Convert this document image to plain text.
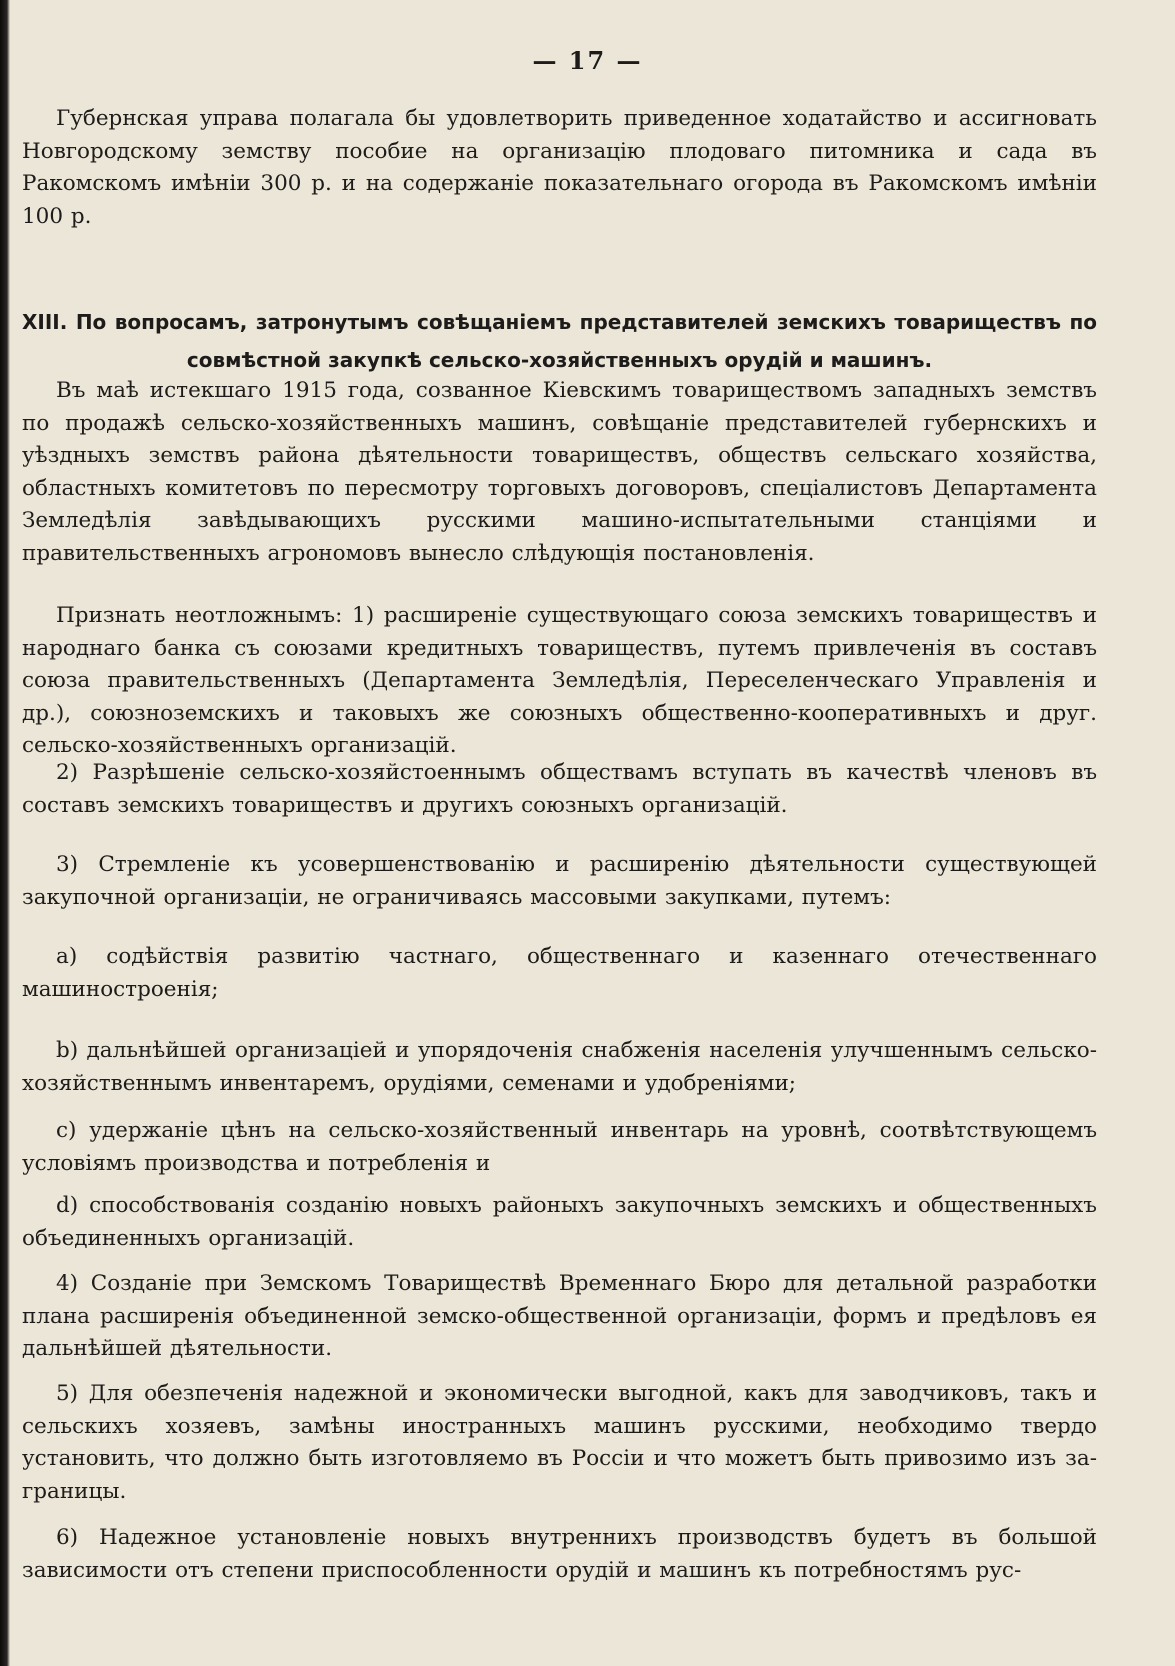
— 17 —

Губернская управа полагала бы удовлетворить приведенное ходатайство и ассигновать Новгородскому земству пособие на организацію плодоваго питомника и сада въ Ракомскомъ имѣніи 300 р. и на содержаніе показательнаго огорода въ Ракомскомъ имѣніи 100 р.

XIII. По вопросамъ, затронутымъ совѣщаніемъ представителей земскихъ товариществъ по совмѣстной закупкѣ сельско-хозяйственныхъ орудій и машинъ.

Въ маѣ истекшаго 1915 года, созванное Кіевскимъ товариществомъ западныхъ земствъ по продажѣ сельско-хозяйственныхъ машинъ, совѣщаніе представителей губернскихъ и уѣздныхъ земствъ района дѣятельности товариществъ, обществъ сельскаго хозяйства, областныхъ комитетовъ по пересмотру торговыхъ договоровъ, спеціалистовъ Департамента Земледѣлія завѣдывающихъ русскими машино-испытательными станціями и правительственныхъ агрономовъ вынесло слѣдующія постановленія.

Признать неотложнымъ: 1) расширеніе существующаго союза земскихъ товариществъ и народнаго банка съ союзами кредитныхъ товариществъ, путемъ привлеченія въ составъ союза правительственныхъ (Департамента Земледѣлія, Переселенческаго Управленія и др.), союзноземскихъ и таковыхъ же союзныхъ общественно-кооперативныхъ и друг. сельско-хозяйственныхъ организацій.

2) Разрѣшеніе сельско-хозяйстоеннымъ обществамъ вступать въ качествѣ членовъ въ составъ земскихъ товариществъ и другихъ союзныхъ организацій.

3) Стремленіе къ усовершенствованію и расширенію дѣятельности существующей закупочной организаціи, не ограничиваясь массовыми закупками, путемъ:

a) содѣйствія развитію частнаго, общественнаго и казеннаго отечественнаго машиностроенія;

b) дальнѣйшей организаціей и упорядоченія снабженія населенія улучшеннымъ сельско-хозяйственнымъ инвентаремъ, орудіями, семенами и удобреніями;

c) удержаніе цѣнъ на сельско-хозяйственный инвентарь на уровнѣ, соотвѣтствующемъ условіямъ производства и потребленія и

d) способствованія созданію новыхъ районыхъ закупочныхъ земскихъ и общественныхъ объединенныхъ организацій.

4) Созданіе при Земскомъ Товариществѣ Временнаго Бюро для детальной разработки плана расширенія объединенной земско-общественной организаціи, формъ и предѣловъ ея дальнѣйшей дѣятельности.

5) Для обезпеченія надежной и экономически выгодной, какъ для заводчиковъ, такъ и сельскихъ хозяевъ, замѣны иностранныхъ машинъ русскими, необходимо твердо установить, что должно быть изготовляемо въ Россіи и что можетъ быть привозимо изъ за-границы.

6) Надежное установленіе новыхъ внутреннихъ производствъ будетъ въ большой зависимости отъ степени приспособленности орудій и машинъ къ потребностямъ рус-
